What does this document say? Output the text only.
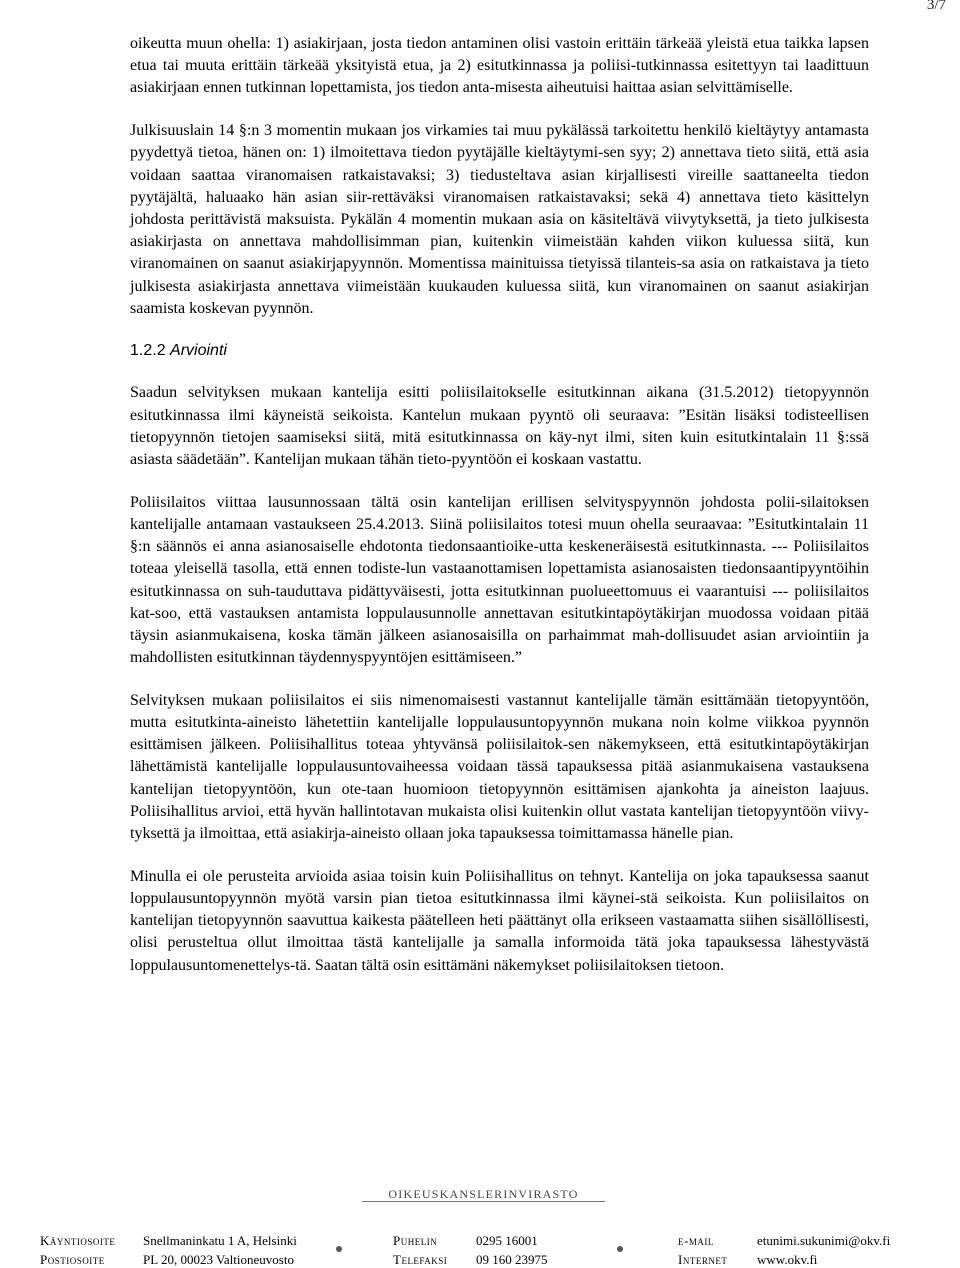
3/7

oikeutta muun ohella: 1) asiakirjaan, josta tiedon antaminen olisi vastoin erittäin tärkeää yleistä etua taikka lapsen etua tai muuta erittäin tärkeää yksityistä etua, ja 2) esitutkinnassa ja poliisi-tutkinnassa esitettyyn tai laadittuun asiakirjaan ennen tutkinnan lopettamista, jos tiedon anta-misesta aiheutuisi haittaa asian selvittämiselle.

Julkisuuslain 14 §:n 3 momentin mukaan jos virkamies tai muu pykälässä tarkoitettu henkilö kieltäytyy antamasta pyydettyä tietoa, hänen on: 1) ilmoitettava tiedon pyytäjälle kieltäytymi-sen syy; 2) annettava tieto siitä, että asia voidaan saattaa viranomaisen ratkaistavaksi; 3) tiedusteltava asian kirjallisesti vireille saattaneelta tiedon pyytäjältä, haluaako hän asian siir-rettäväksi viranomaisen ratkaistavaksi; sekä 4) annettava tieto käsittelyn johdosta perittävistä maksuista. Pykälän 4 momentin mukaan asia on käsiteltävä viivytyksettä, ja tieto julkisesta asiakirjasta on annettava mahdollisimman pian, kuitenkin viimeistään kahden viikon kuluessa siitä, kun viranomainen on saanut asiakirjapyynnön. Momentissa mainituissa tietyissä tilanteis-sa asia on ratkaistava ja tieto julkisesta asiakirjasta annettava viimeistään kuukauden kuluessa siitä, kun viranomainen on saanut asiakirjan saamista koskevan pyynnön.

1.2.2 Arviointi

Saadun selvityksen mukaan kantelija esitti poliisilaitokselle esitutkinnan aikana (31.5.2012) tietopyynnön esitutkinnassa ilmi käyneistä seikoista. Kantelun mukaan pyyntö oli seuraava: ”Esitän lisäksi todisteellisen tietopyynnön tietojen saamiseksi siitä, mitä esitutkinnassa on käy-nyt ilmi, siten kuin esitutkintalain 11 §:ssä asiasta säädetään”. Kantelijan mukaan tähän tieto-pyyntöön ei koskaan vastattu.

Poliisilaitos viittaa lausunnossaan tältä osin kantelijan erillisen selvityspyynnön johdosta polii-silaitoksen kantelijalle antamaan vastaukseen 25.4.2013. Siinä poliisilaitos totesi muun ohella seuraavaa: ”Esitutkintalain 11 §:n säännös ei anna asianosaiselle ehdotonta tiedonsaantioike-utta keskeneräisestä esitutkinnasta. --- Poliisilaitos toteaa yleisellä tasolla, että ennen todiste-lun vastaanottamisen lopettamista asianosaisten tiedonsaantipyyntöihin esitutkinnassa on suh-tauduttava pidättyväisesti, jotta esitutkinnan puolueettomuus ei vaarantuisi --- poliisilaitos kat-soo, että vastauksen antamista loppulausunnolle annettavan esitutkintapöytäkirjan muodossa voidaan pitää täysin asianmukaisena, koska tämän jälkeen asianosaisilla on parhaimmat mah-dollisuudet asian arviointiin ja mahdollisten esitutkinnan täydennyspyyntöjen esittämiseen.”

Selvityksen mukaan poliisilaitos ei siis nimenomaisesti vastannut kantelijalle tämän esittämään tietopyyntöön, mutta esitutkinta-aineisto lähetettiin kantelijalle loppulausuntopyynnön mukana noin kolme viikkoa pyynnön esittämisen jälkeen. Poliisihallitus toteaa yhtyvänsä poliisilaitok-sen näkemykseen, että esitutkintapöytäkirjan lähettämistä kantelijalle loppulausuntovaiheessa voidaan tässä tapauksessa pitää asianmukaisena vastauksena kantelijan tietopyyntöön, kun ote-taan huomioon tietopyynnön esittämisen ajankohta ja aineiston laajuus. Poliisihallitus arvioi, että hyvän hallintotavan mukaista olisi kuitenkin ollut vastata kantelijan tietopyyntöön viivy-tyksettä ja ilmoittaa, että asiakirja-aineisto ollaan joka tapauksessa toimittamassa hänelle pian.

Minulla ei ole perusteita arvioida asiaa toisin kuin Poliisihallitus on tehnyt. Kantelija on joka tapauksessa saanut loppulausuntopyynnön myötä varsin pian tietoa esitutkinnassa ilmi käynei-stä seikoista. Kun poliisilaitos on kantelijan tietopyynnön saavuttua kaikesta päätelleen heti päättänyt olla erikseen vastaamatta siihen sisällöllisesti, olisi perusteltua ollut ilmoittaa tästä kantelijalle ja samalla informoida tätä joka tapauksessa lähestyvästä loppulausuntomenettelys-tä. Saatan tältä osin esittämäni näkemykset poliisilaitoksen tietoon.

OIKEUSKANSLERINVIRASTO
Käyntiosoite Snellmaninkatu 1 A, Helsinki
Postiosoite	PL 20, 00023 Valtioneuvosto
Puhelin	0295 16001
Telefaksi 09 160 23975
e-mail	etunimi.sukunimi@okv.fi
Internet www.okv.fi
